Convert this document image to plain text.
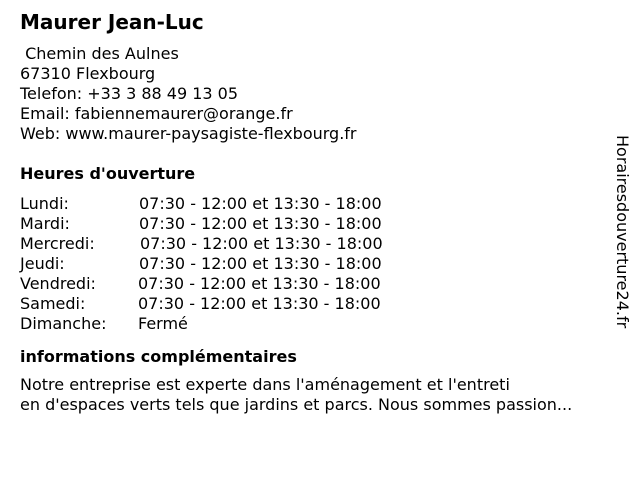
Maurer Jean-Luc
Chemin des Aulnes
67310 Flexbourg
Telefon: +33 3 88 49 13 05
Email: fabiennemaurer@orange.fr
Web: www.maurer-paysagiste-flexbourg.fr
Heures d'ouverture
Lundi:	07:30 - 12:00 et 13:30 - 18:00
Mardi:	07:30 - 12:00 et 13:30 - 18:00
Mercredi:	07:30 - 12:00 et 13:30 - 18:00
Jeudi:	07:30 - 12:00 et 13:30 - 18:00
Vendredi:	07:30 - 12:00 et 13:30 - 18:00
Samedi:	07:30 - 12:00 et 13:30 - 18:00
Dimanche: Fermé
informations complémentaires
Notre entreprise est experte dans l'aménagement et l'entreti
en d'espaces verts tels que jardins et parcs. Nous sommes passion...
Horairesdouverture24.fr
